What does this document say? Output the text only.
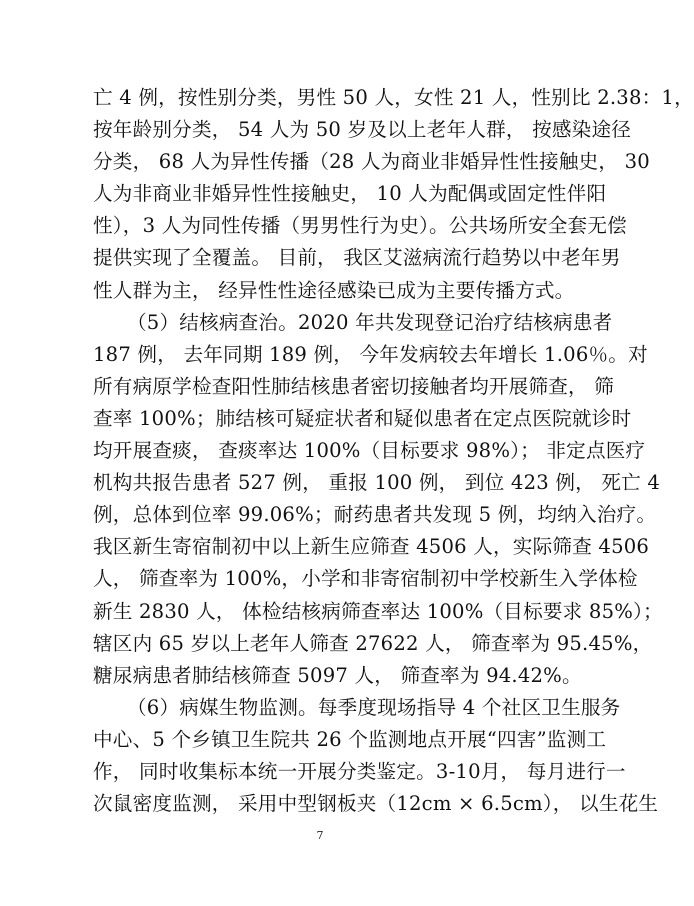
亡 4 例，按性别分类，男性 50 人，女性 21 人，性别比 2.38：1，
按年龄别分类， 54 人为 50 岁及以上老年人群， 按感染途径
分类， 68 人为异性传播（28 人为商业非婚异性性接触史， 30
人为非商业非婚异性性接触史， 10 人为配偶或固定性伴阳
性），3 人为同性传播（男男性行为史）。公共场所安全套无偿
提供实现了全覆盖。 目前， 我区艾滋病流行趋势以中老年男
性人群为主， 经异性性途径感染已成为主要传播方式。

（5）结核病查治。2020 年共发现登记治疗结核病患者
187 例， 去年同期 189 例， 今年发病较去年增长 1.06％。对
所有病原学检查阳性肺结核患者密切接触者均开展筛查， 筛
查率 100%；肺结核可疑症状者和疑似患者在定点医院就诊时
均开展查痰， 查痰率达 100%（目标要求 98%）； 非定点医疗
机构共报告患者 527 例， 重报 100 例， 到位 423 例， 死亡 4
例，总体到位率 99.06%；耐药患者共发现 5 例，均纳入治疗。
我区新生寄宿制初中以上新生应筛查 4506 人，实际筛查 4506
人， 筛查率为 100%，小学和非寄宿制初中学校新生入学体检
新生 2830 人， 体检结核病筛查率达 100%（目标要求 85%）；
辖区内 65 岁以上老年人筛查 27622 人， 筛查率为 95.45%，
糖尿病患者肺结核筛查 5097 人， 筛查率为 94.42%。

（6）病媒生物监测。每季度现场指导 4 个社区卫生服务
中心、5 个乡镇卫生院共 26 个监测地点开展“四害”监测工
作， 同时收集标本统一开展分类鉴定。3-10月， 每月进行一
次鼠密度监测， 采用中型钢板夹（12cm × 6.5cm）， 以生花生

7
